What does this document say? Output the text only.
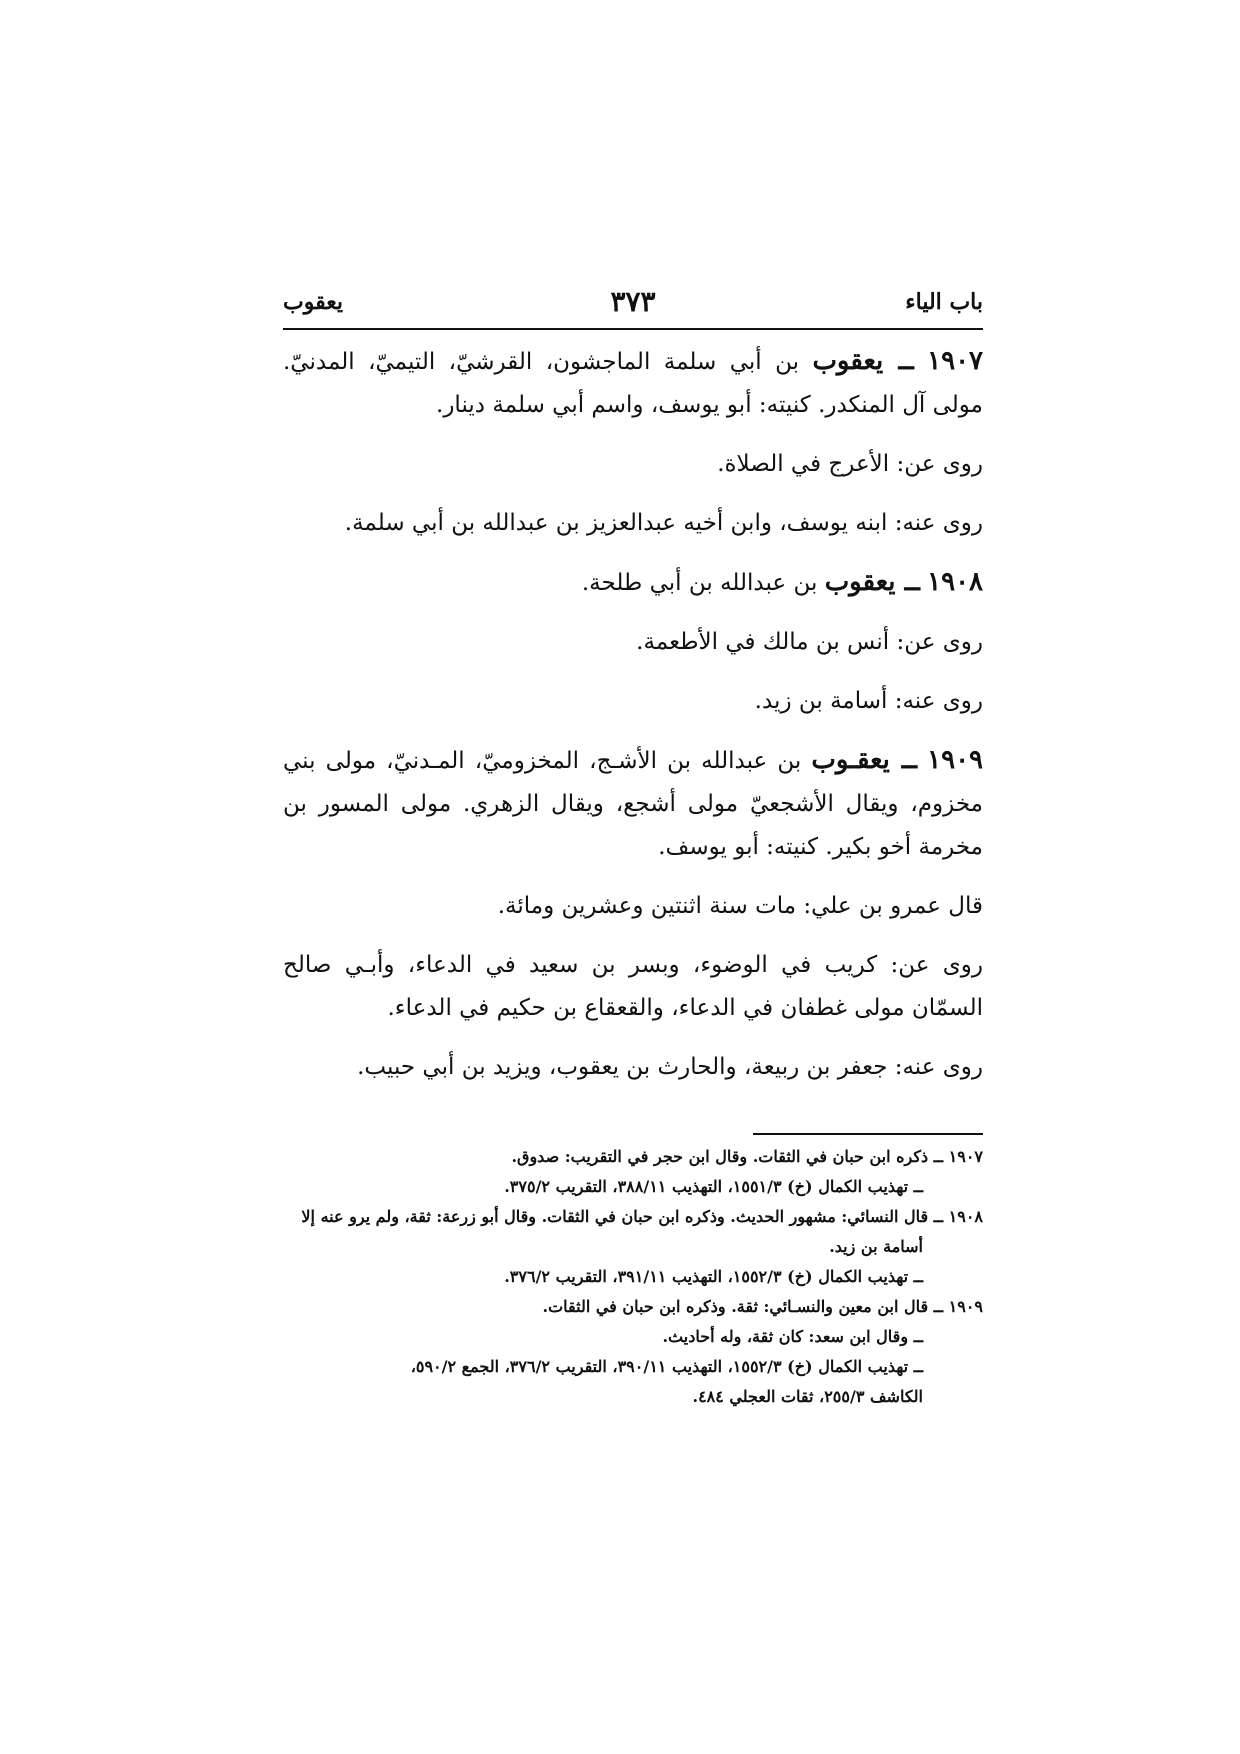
باب الياء
٣٧٣
يعقوب

١٩٠٧ ــ يعقوب بن أبي سلمة الماجشون، القرشيّ، التيميّ، المدنيّ. مولى آل المنكدر. كنيته: أبو يوسف، واسم أبي سلمة دينار.

روى عن: الأعرج في الصلاة.

روى عنه: ابنه يوسف، وابن أخيه عبدالعزيز بن عبدالله بن أبي سلمة.

١٩٠٨ ــ يعقوب بن عبدالله بن أبي طلحة.

روى عن: أنس بن مالك في الأطعمة.

روى عنه: أسامة بن زيد.

١٩٠٩ ــ يعقـوب بن عبدالله بن الأشـج، المخزوميّ، المـدنيّ، مولى بني مخزوم، ويقال الأشجعيّ مولى أشجع، ويقال الزهري. مولى المسور بن مخرمة أخو بكير. كنيته: أبو يوسف.

قال عمرو بن علي: مات سنة اثنتين وعشرين ومائة.

روى عن: كريب في الوضوء، وبسر بن سعيد في الدعاء، وأبـي صالح السمّان مولى غطفان في الدعاء، والقعقاع بن حكيم في الدعاء.

روى عنه: جعفر بن ربيعة، والحارث بن يعقوب، ويزيد بن أبي حبيب.

١٩٠٧ ــ ذكره ابن حبان في الثقات. وقال ابن حجر في التقريب: صدوق.

ــ تهذيب الكمال (خ) ١٥٥١/٣، التهذيب ٣٨٨/١١، التقريب ٣٧٥/٢.

١٩٠٨ ــ قال النسائي: مشهور الحديث. وذكره ابن حبان في الثقات. وقال أبو زرعة: ثقة، ولم يرو عنه إلا

أسامة بن زيد.

ــ تهذيب الكمال (خ) ١٥٥٢/٣، التهذيب ٣٩١/١١، التقريب ٣٧٦/٢.

١٩٠٩ ــ قال ابن معين والنسـائي: ثقة. وذكره ابن حبان في الثقات.

ــ وقال ابن سعد: كان ثقة، وله أحاديث.

ــ تهذيب الكمال (خ) ١٥٥٢/٣، التهذيب ٣٩٠/١١، التقريب ٣٧٦/٢، الجمع ٥٩٠/٢،

الكاشف ٢٥٥/٣، ثقات العجلي ٤٨٤.
